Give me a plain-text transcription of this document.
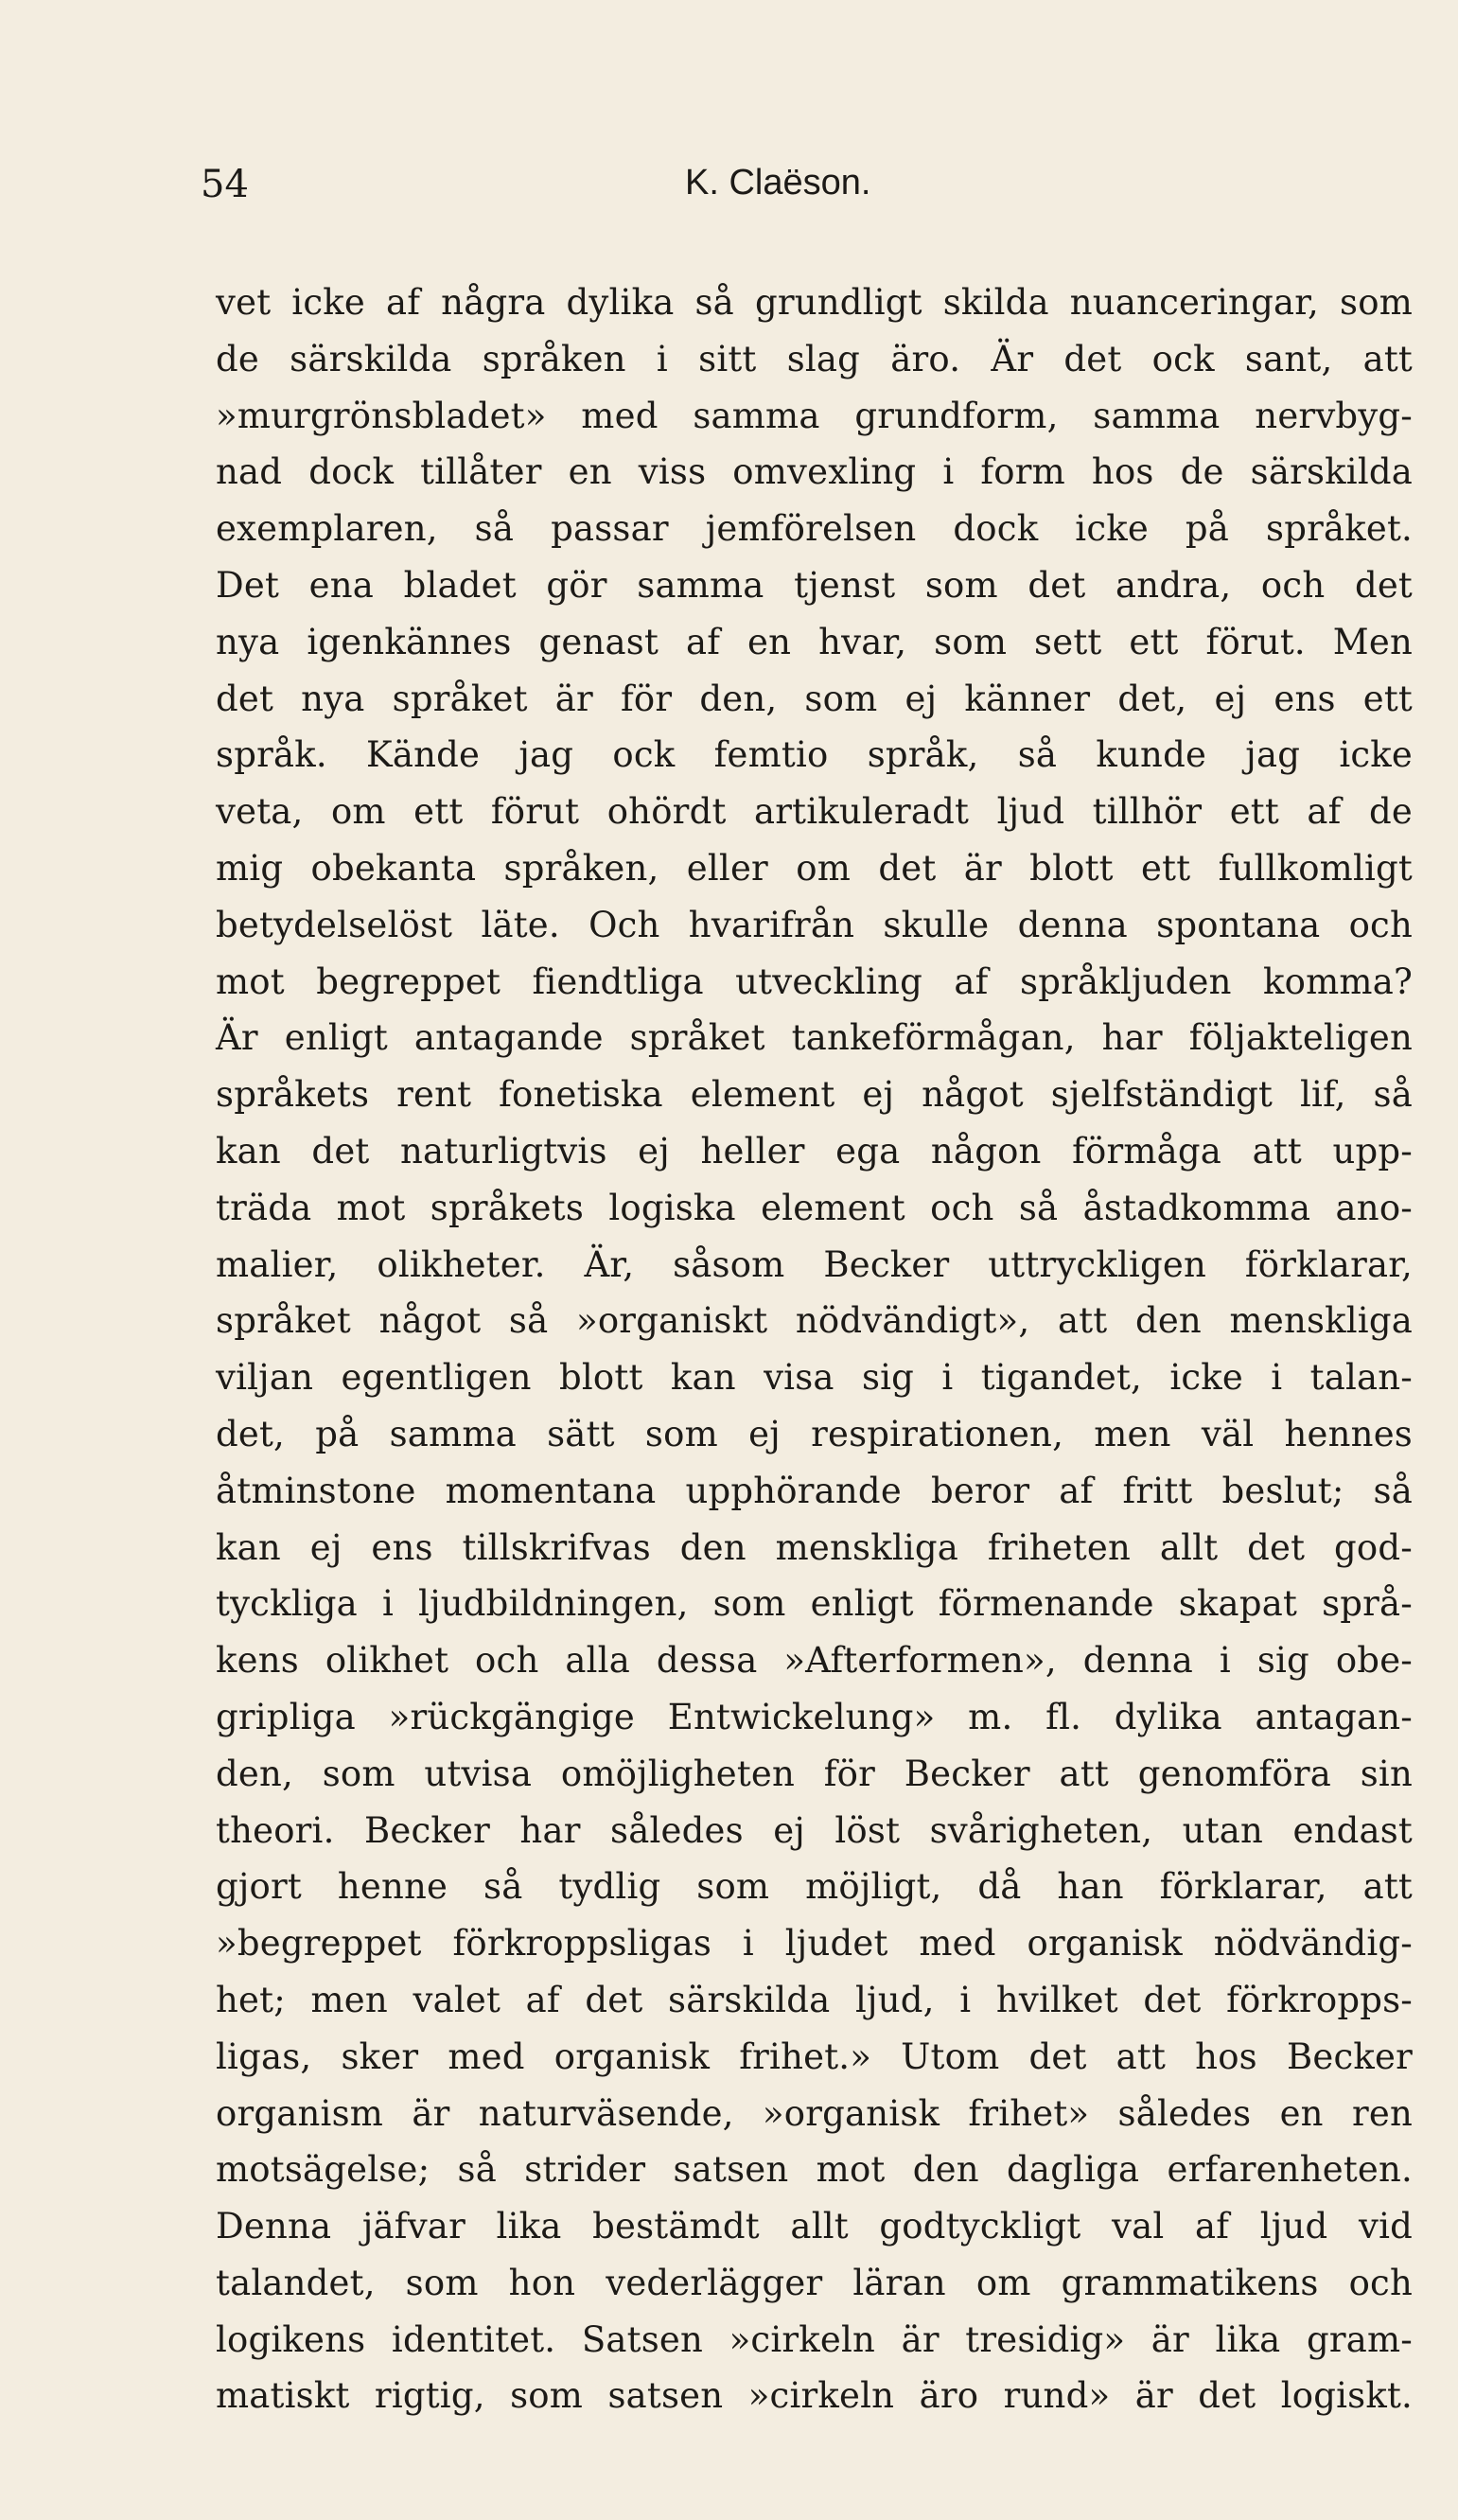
54	K. Claëson.
vet icke af några dylika så grundligt skilda nuanceringar, som
de särskilda språken i sitt slag äro. Är det ock sant, att
»murgrönsbladet» med samma grundform, samma nervbyg-
nad dock tillåter en viss omvexling i form hos de särskilda
exemplaren, så passar jemförelsen dock icke på språket.
Det ena bladet gör samma tjenst som det andra, och det
nya igenkännes genast af en hvar, som sett ett förut. Men
det nya språket är för den, som ej känner det, ej ens ett
språk. Kände jag ock femtio språk, så kunde jag icke
veta, om ett förut ohördt artikuleradt ljud tillhör ett af de
mig obekanta språken, eller om det är blott ett fullkomligt
betydelselöst läte. Och hvarifrån skulle denna spontana och
mot begreppet fiendtliga utveckling af språkljuden komma?
Är enligt antagande språket tankeförmågan, har följakteligen
språkets rent fonetiska element ej något sjelfständigt lif, så
kan det naturligtvis ej heller ega någon förmåga att upp-
träda mot språkets logiska element och så åstadkomma ano-
malier, olikheter. Är, såsom Becker uttryckligen förklarar,
språket något så »organiskt nödvändigt», att den menskliga
viljan egentligen blott kan visa sig i tigandet, icke i talan-
det, på samma sätt som ej respirationen, men väl hennes
åtminstone momentana upphörande beror af fritt beslut; så
kan ej ens tillskrifvas den menskliga friheten allt det god-
tyckliga i ljudbildningen, som enligt förmenande skapat språ-
kens olikhet och alla dessa »Afterformen», denna i sig obe-
gripliga »rückgängige Entwickelung» m. fl. dylika antagan-
den, som utvisa omöjligheten för Becker att genomföra sin
theori. Becker har således ej löst svårigheten, utan endast
gjort henne så tydlig som möjligt, då han förklarar, att
»begreppet förkroppsligas i ljudet med organisk nödvändig-
het; men valet af det särskilda ljud, i hvilket det förkropps-
ligas, sker med organisk frihet.» Utom det att hos Becker
organism är naturväsende, »organisk frihet» således en ren
motsägelse; så strider satsen mot den dagliga erfarenheten.
Denna jäfvar lika bestämdt allt godtyckligt val af ljud vid
talandet, som hon vederlägger läran om grammatikens och
logikens identitet. Satsen »cirkeln är tresidig» är lika gram-
matiskt rigtig, som satsen »cirkeln äro rund» är det logiskt.
